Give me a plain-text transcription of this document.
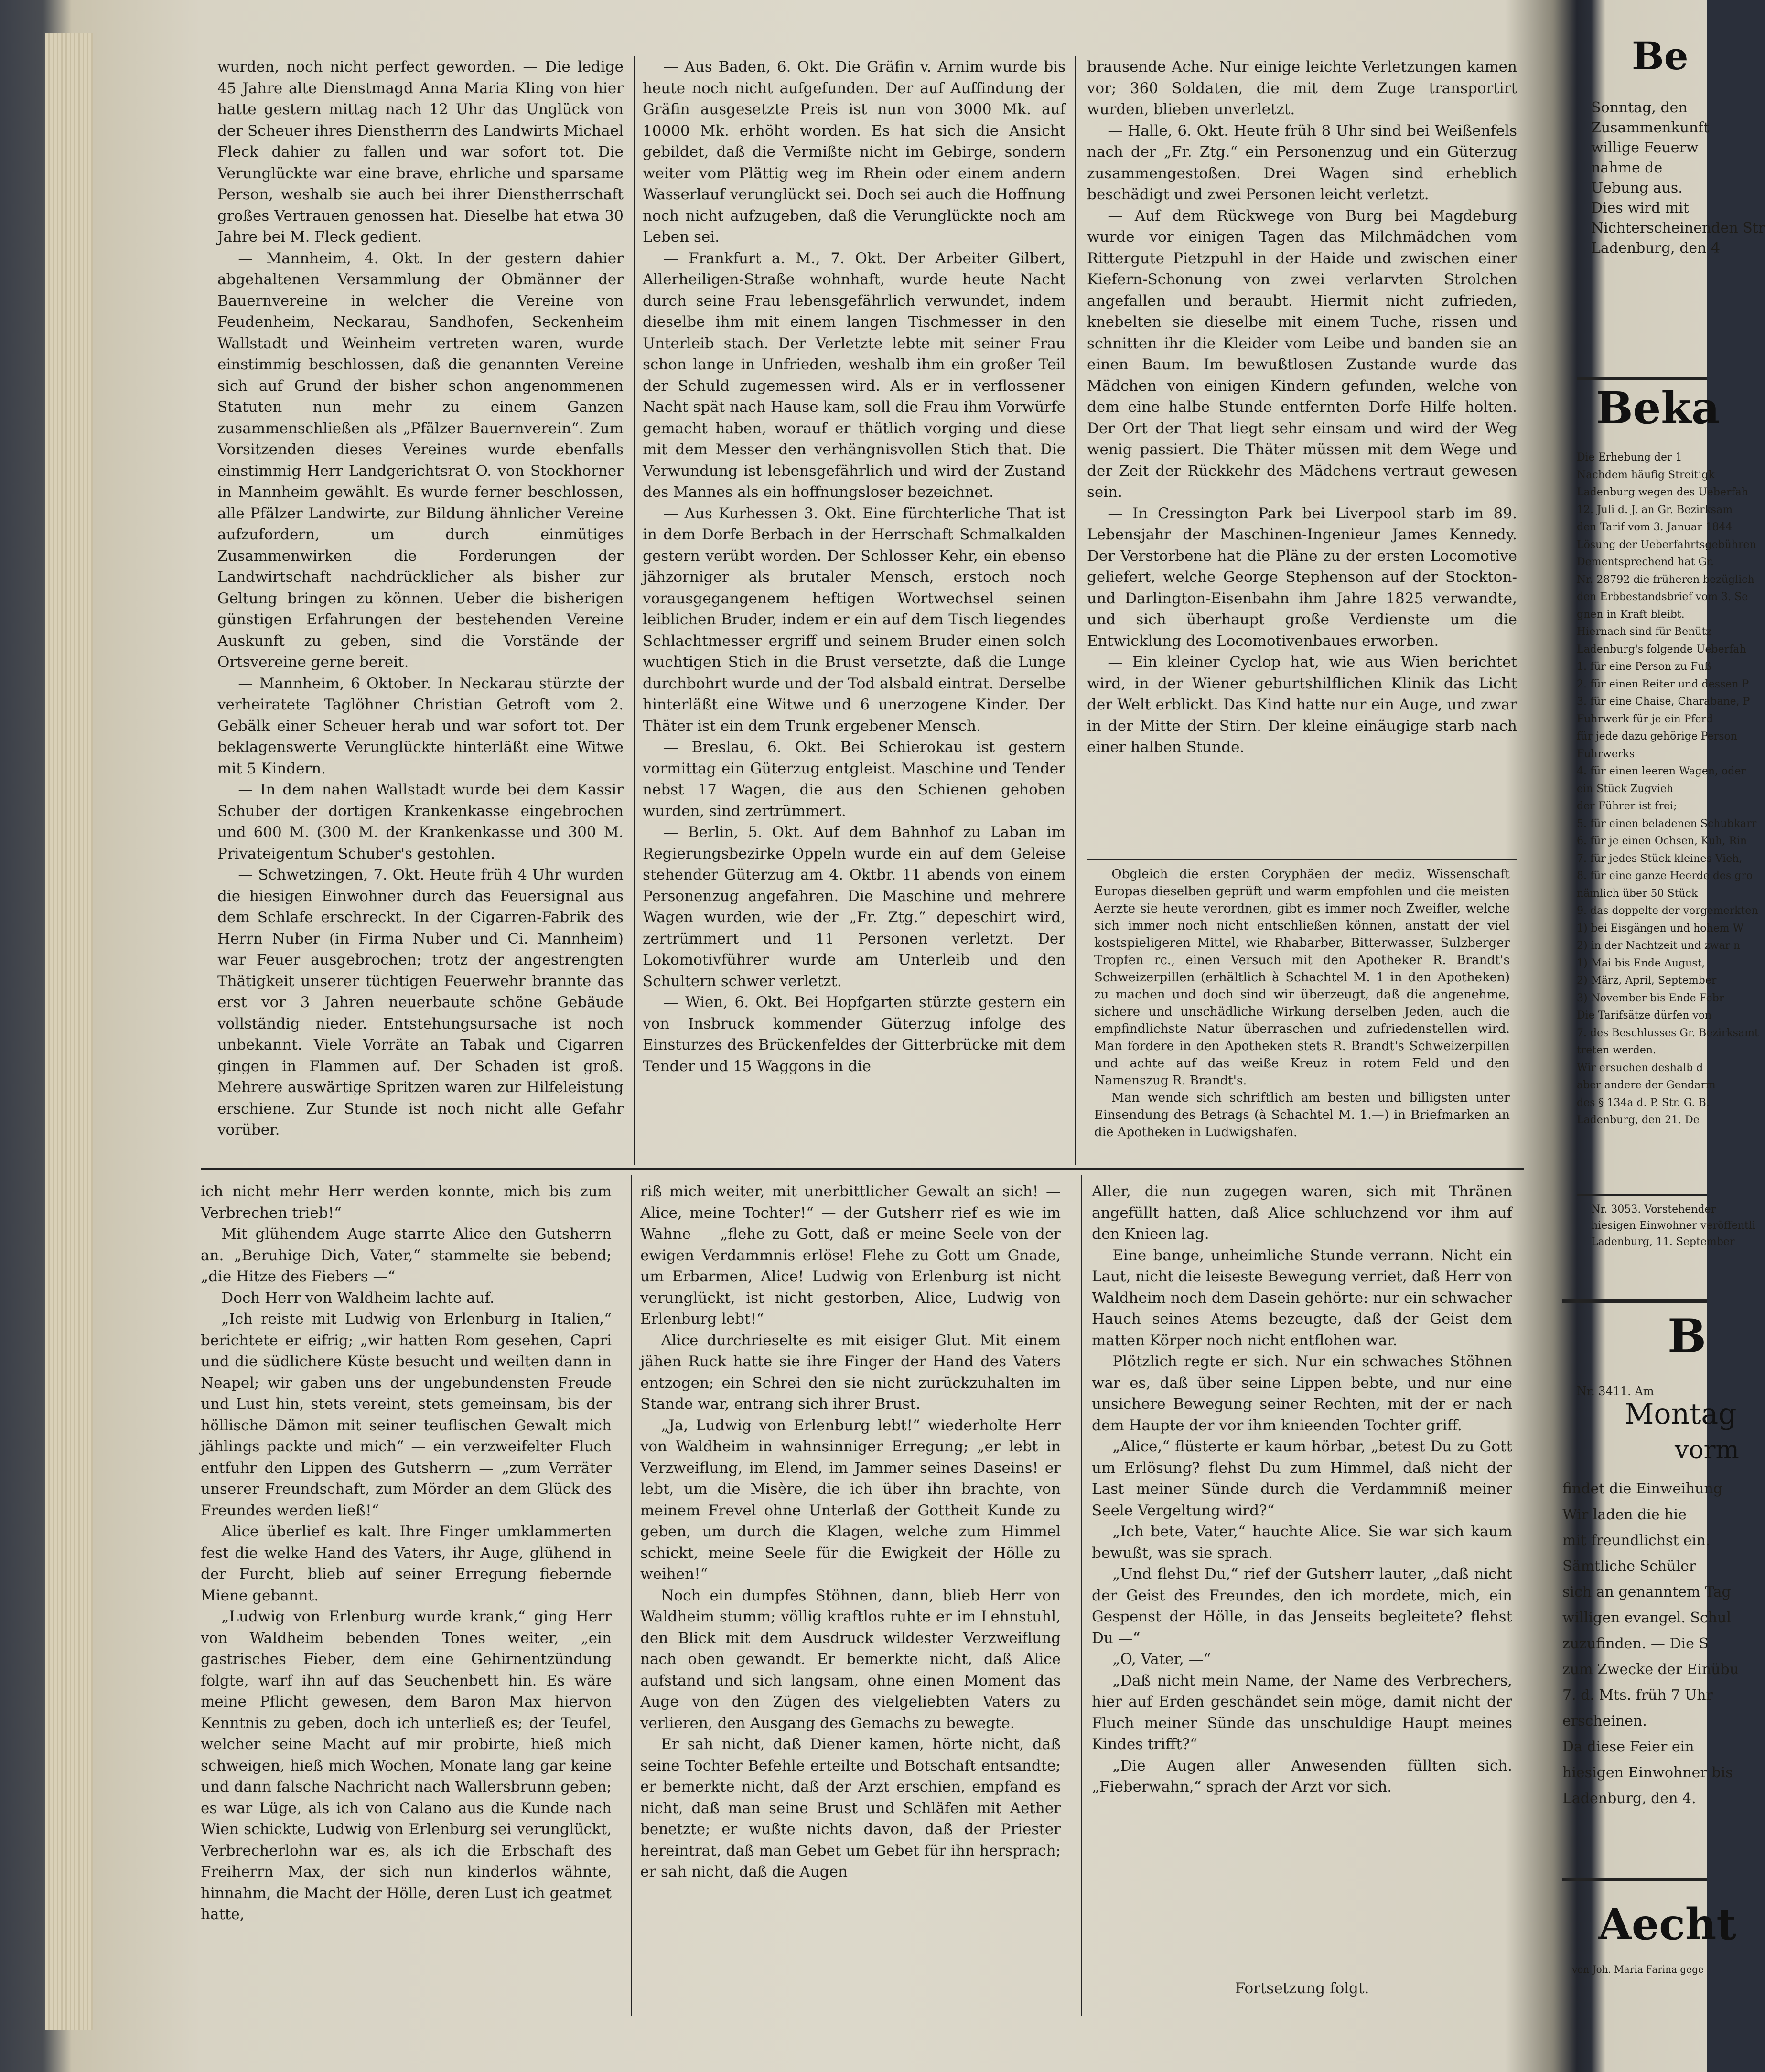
wurden, noch nicht perfect geworden. — Die ledige 45 Jahre alte Dienstmagd Anna Maria Kling von hier hatte gestern mittag nach 12 Uhr das Unglück von der Scheuer ihres Dienstherrn des Landwirts Michael Fleck dahier zu fallen und war sofort tot. Die Verunglückte war eine brave, ehrliche und sparsame Person, weshalb sie auch bei ihrer Dienstherrschaft großes Vertrauen genossen hat. Dieselbe hat etwa 30 Jahre bei M. Fleck gedient.

— Mannheim, 4. Okt. In der gestern dahier abgehaltenen Versammlung der Obmänner der Bauernvereine in welcher die Vereine von Feudenheim, Neckarau, Sandhofen, Seckenheim Wallstadt und Weinheim vertreten waren, wurde einstimmig beschlossen, daß die genannten Vereine sich auf Grund der bisher schon angenommenen Statuten nun mehr zu einem Ganzen zusammenschließen als „Pfälzer Bauernverein“. Zum Vorsitzenden dieses Vereines wurde ebenfalls einstimmig Herr Landgerichtsrat O. von Stockhorner in Mannheim gewählt. Es wurde ferner beschlossen, alle Pfälzer Landwirte, zur Bildung ähnlicher Vereine aufzufordern, um durch einmütiges Zusammenwirken die Forderungen der Landwirtschaft nachdrücklicher als bisher zur Geltung bringen zu können. Ueber die bisherigen günstigen Erfahrungen der bestehenden Vereine Auskunft zu geben, sind die Vorstände der Ortsvereine gerne bereit.

— Mannheim, 6 Oktober. In Neckarau stürzte der verheiratete Taglöhner Christian Getroft vom 2. Gebälk einer Scheuer herab und war sofort tot. Der beklagenswerte Verunglückte hinterläßt eine Witwe mit 5 Kindern.

— In dem nahen Wallstadt wurde bei dem Kassir Schuber der dortigen Krankenkasse eingebrochen und 600 M. (300 M. der Krankenkasse und 300 M. Privateigentum Schuber's gestohlen.

— Schwetzingen, 7. Okt. Heute früh 4 Uhr wurden die hiesigen Einwohner durch das Feuersignal aus dem Schlafe erschreckt. In der Cigarren-Fabrik des Herrn Nuber (in Firma Nuber und Ci. Mannheim) war Feuer ausgebrochen; trotz der angestrengten Thätigkeit unserer tüchtigen Feuerwehr brannte das erst vor 3 Jahren neuerbaute schöne Gebäude vollständig nieder. Entstehungsursache ist noch unbekannt. Viele Vorräte an Tabak und Cigarren gingen in Flammen auf. Der Schaden ist groß. Mehrere auswärtige Spritzen waren zur Hilfeleistung erschiene. Zur Stunde ist noch nicht alle Gefahr vorüber.

— Aus Baden, 6. Okt. Die Gräfin v. Arnim wurde bis heute noch nicht aufgefunden. Der auf Auffindung der Gräfin ausgesetzte Preis ist nun von 3000 Mk. auf 10000 Mk. erhöht worden. Es hat sich die Ansicht gebildet, daß die Vermißte nicht im Gebirge, sondern weiter vom Plättig weg im Rhein oder einem andern Wasserlauf verunglückt sei. Doch sei auch die Hoffnung noch nicht aufzugeben, daß die Verunglückte noch am Leben sei.

— Frankfurt a. M., 7. Okt. Der Arbeiter Gilbert, Allerheiligen-Straße wohnhaft, wurde heute Nacht durch seine Frau lebensgefährlich verwundet, indem dieselbe ihm mit einem langen Tischmesser in den Unterleib stach. Der Verletzte lebte mit seiner Frau schon lange in Unfrieden, weshalb ihm ein großer Teil der Schuld zugemessen wird. Als er in verflossener Nacht spät nach Hause kam, soll die Frau ihm Vorwürfe gemacht haben, worauf er thätlich vorging und diese mit dem Messer den verhängnisvollen Stich that. Die Verwundung ist lebensgefährlich und wird der Zustand des Mannes als ein hoffnungsloser bezeichnet.

— Aus Kurhessen 3. Okt. Eine fürchterliche That ist in dem Dorfe Berbach in der Herrschaft Schmalkalden gestern verübt worden. Der Schlosser Kehr, ein ebenso jähzorniger als brutaler Mensch, erstoch noch vorausgegangenem heftigen Wortwechsel seinen leiblichen Bruder, indem er ein auf dem Tisch liegendes Schlachtmesser ergriff und seinem Bruder einen solch wuchtigen Stich in die Brust versetzte, daß die Lunge durchbohrt wurde und der Tod alsbald eintrat. Derselbe hinterläßt eine Witwe und 6 unerzogene Kinder. Der Thäter ist ein dem Trunk ergebener Mensch.

— Breslau, 6. Okt. Bei Schierokau ist gestern vormittag ein Güterzug entgleist. Maschine und Tender nebst 17 Wagen, die aus den Schienen gehoben wurden, sind zertrümmert.

— Berlin, 5. Okt. Auf dem Bahnhof zu Laban im Regierungsbezirke Oppeln wurde ein auf dem Geleise stehender Güterzug am 4. Oktbr. 11 abends von einem Personenzug angefahren. Die Maschine und mehrere Wagen wurden, wie der „Fr. Ztg.“ depeschirt wird, zertrümmert und 11 Personen verletzt. Der Lokomotivführer wurde am Unterleib und den Schultern schwer verletzt.

— Wien, 6. Okt. Bei Hopfgarten stürzte gestern ein von Insbruck kommender Güterzug infolge des Einsturzes des Brückenfeldes der Gitterbrücke mit dem Tender und 15 Waggons in die

brausende Ache. Nur einige leichte Verletzungen kamen vor; 360 Soldaten, die mit dem Zuge transportirt wurden, blieben unverletzt.

— Halle, 6. Okt. Heute früh 8 Uhr sind bei Weißenfels nach der „Fr. Ztg.“ ein Personenzug und ein Güterzug zusammengestoßen. Drei Wagen sind erheblich beschädigt und zwei Personen leicht verletzt.

— Auf dem Rückwege von Burg bei Magdeburg wurde vor einigen Tagen das Milchmädchen vom Rittergute Pietzpuhl in der Haide und zwischen einer Kiefern-Schonung von zwei verlarvten Strolchen angefallen und beraubt. Hiermit nicht zufrieden, knebelten sie dieselbe mit einem Tuche, rissen und schnitten ihr die Kleider vom Leibe und banden sie an einen Baum. Im bewußtlosen Zustande wurde das Mädchen von einigen Kindern gefunden, welche von dem eine halbe Stunde entfernten Dorfe Hilfe holten. Der Ort der That liegt sehr einsam und wird der Weg wenig passiert. Die Thäter müssen mit dem Wege und der Zeit der Rückkehr des Mädchens vertraut gewesen sein.

— In Cressington Park bei Liverpool starb im 89. Lebensjahr der Maschinen-Ingenieur James Kennedy. Der Verstorbene hat die Pläne zu der ersten Locomotive geliefert, welche George Stephenson auf der Stockton- und Darlington-Eisenbahn ihm Jahre 1825 verwandte, und sich überhaupt große Verdienste um die Entwicklung des Locomotivenbaues erworben.

— Ein kleiner Cyclop hat, wie aus Wien berichtet wird, in der Wiener geburtshilflichen Klinik das Licht der Welt erblickt. Das Kind hatte nur ein Auge, und zwar in der Mitte der Stirn. Der kleine einäugige starb nach einer halben Stunde.

Obgleich die ersten Coryphäen der mediz. Wissenschaft Europas dieselben geprüft und warm empfohlen und die meisten Aerzte sie heute verordnen, gibt es immer noch Zweifler, welche sich immer noch nicht entschließen können, anstatt der viel kostspieligeren Mittel, wie Rhabarber, Bitterwasser, Sulzberger Tropfen rc., einen Versuch mit den Apotheker R. Brandt's Schweizerpillen (erhältlich à Schachtel M. 1 in den Apotheken) zu machen und doch sind wir überzeugt, daß die angenehme, sichere und unschädliche Wirkung derselben Jeden, auch die empfindlichste Natur überraschen und zufriedenstellen wird. Man fordere in den Apotheken stets R. Brandt's Schweizerpillen und achte auf das weiße Kreuz in rotem Feld und den Namenszug R. Brandt's.

Man wende sich schriftlich am besten und billigsten unter Einsendung des Betrags (à Schachtel M. 1.—) in Briefmarken an die Apotheken in Ludwigshafen.

ich nicht mehr Herr werden konnte, mich bis zum Verbrechen trieb!“

Mit glühendem Auge starrte Alice den Gutsherrn an. „Beruhige Dich, Vater,“ stammelte sie bebend; „die Hitze des Fiebers —“

Doch Herr von Waldheim lachte auf.

„Ich reiste mit Ludwig von Erlenburg in Italien,“ berichtete er eifrig; „wir hatten Rom gesehen, Capri und die südlichere Küste besucht und weilten dann in Neapel; wir gaben uns der ungebundensten Freude und Lust hin, stets vereint, stets gemeinsam, bis der höllische Dämon mit seiner teuflischen Gewalt mich jählings packte und mich“ — ein verzweifelter Fluch entfuhr den Lippen des Gutsherrn — „zum Verräter unserer Freundschaft, zum Mörder an dem Glück des Freundes werden ließ!“

Alice überlief es kalt. Ihre Finger umklammerten fest die welke Hand des Vaters, ihr Auge, glühend in der Furcht, blieb auf seiner Erregung fiebernde Miene gebannt.

„Ludwig von Erlenburg wurde krank,“ ging Herr von Waldheim bebenden Tones weiter, „ein gastrisches Fieber, dem eine Gehirnentzündung folgte, warf ihn auf das Seuchenbett hin. Es wäre meine Pflicht gewesen, dem Baron Max hiervon Kenntnis zu geben, doch ich unterließ es; der Teufel, welcher seine Macht auf mir probirte, hieß mich schweigen, hieß mich Wochen, Monate lang gar keine und dann falsche Nachricht nach Wallersbrunn geben; es war Lüge, als ich von Calano aus die Kunde nach Wien schickte, Ludwig von Erlenburg sei verunglückt, Verbrecherlohn war es, als ich die Erbschaft des Freiherrn Max, der sich nun kinderlos wähnte, hinnahm, die Macht der Hölle, deren Lust ich geatmet hatte,

riß mich weiter, mit unerbittlicher Gewalt an sich! — Alice, meine Tochter!“ — der Gutsherr rief es wie im Wahne — „flehe zu Gott, daß er meine Seele von der ewigen Verdammnis erlöse! Flehe zu Gott um Gnade, um Erbarmen, Alice! Ludwig von Erlenburg ist nicht verunglückt, ist nicht gestorben, Alice, Ludwig von Erlenburg lebt!“

Alice durchrieselte es mit eisiger Glut. Mit einem jähen Ruck hatte sie ihre Finger der Hand des Vaters entzogen; ein Schrei den sie nicht zurückzuhalten im Stande war, entrang sich ihrer Brust.

„Ja, Ludwig von Erlenburg lebt!“ wiederholte Herr von Waldheim in wahnsinniger Erregung; „er lebt in Verzweiflung, im Elend, im Jammer seines Daseins! er lebt, um die Misère, die ich über ihn brachte, von meinem Frevel ohne Unterlaß der Gottheit Kunde zu geben, um durch die Klagen, welche zum Himmel schickt, meine Seele für die Ewigkeit der Hölle zu weihen!“

Noch ein dumpfes Stöhnen, dann, blieb Herr von Waldheim stumm; völlig kraftlos ruhte er im Lehnstuhl, den Blick mit dem Ausdruck wildester Verzweiflung nach oben gewandt. Er bemerkte nicht, daß Alice aufstand und sich langsam, ohne einen Moment das Auge von den Zügen des vielgeliebten Vaters zu verlieren, den Ausgang des Gemachs zu bewegte.

Er sah nicht, daß Diener kamen, hörte nicht, daß seine Tochter Befehle erteilte und Botschaft entsandte; er bemerkte nicht, daß der Arzt erschien, empfand es nicht, daß man seine Brust und Schläfen mit Aether benetzte; er wußte nichts davon, daß der Priester hereintrat, daß man Gebet um Gebet für ihn hersprach; er sah nicht, daß die Augen

Aller, die nun zugegen waren, sich mit Thränen angefüllt hatten, daß Alice schluchzend vor ihm auf den Knieen lag.

Eine bange, unheimliche Stunde verrann. Nicht ein Laut, nicht die leiseste Bewegung verriet, daß Herr von Waldheim noch dem Dasein gehörte: nur ein schwacher Hauch seines Atems bezeugte, daß der Geist dem matten Körper noch nicht entflohen war.

Plötzlich regte er sich. Nur ein schwaches Stöhnen war es, daß über seine Lippen bebte, und nur eine unsichere Bewegung seiner Rechten, mit der er nach dem Haupte der vor ihm knieenden Tochter griff.

„Alice,“ flüsterte er kaum hörbar, „betest Du zu Gott um Erlösung? flehst Du zum Himmel, daß nicht der Last meiner Sünde durch die Verdammniß meiner Seele Vergeltung wird?“

„Ich bete, Vater,“ hauchte Alice. Sie war sich kaum bewußt, was sie sprach.

„Und flehst Du,“ rief der Gutsherr lauter, „daß nicht der Geist des Freundes, den ich mordete, mich, ein Gespenst der Hölle, in das Jenseits begleitete? flehst Du —“

„O, Vater, —“

„Daß nicht mein Name, der Name des Verbrechers, hier auf Erden geschändet sein möge, damit nicht der Fluch meiner Sünde das unschuldige Haupt meines Kindes trifft?“

„Die Augen aller Anwesenden füllten sich. „Fieberwahn,“ sprach der Arzt vor sich.

Fortsetzung folgt.
Be
Sonntag, den
Zusammenkunft
willige Feuerw
nahme de
Uebung aus.
Dies wird mit
Nichterscheinenden Str
Ladenburg, den 4
Beka
Die Erhebung der 1
Nachdem häufig Streitigk
Ladenburg wegen des Ueberfah
12. Juli d. J. an Gr. Bezirksam
den Tarif vom 3. Januar 1844
Lösung der Ueberfahrtsgebühren
Dementsprechend hat Gr.
Nr. 28792 die früheren bezüglich
den Erbbestandsbrief vom 3. Se
gnen in Kraft bleibt.
Hiernach sind für Benütz
Ladenburg's folgende Ueberfah
1. für eine Person zu Fuß
2. für einen Reiter und dessen P
3. für eine Chaise, Charabane, P
Fuhrwerk für je ein Pferd
für jede dazu gehörige Person
Fuhrwerks
4. für einen leeren Wagen, oder
ein Stück Zugvieh
der Führer ist frei;
5. für einen beladenen Schubkarr
6. für je einen Ochsen, Kuh, Rin
7. für jedes Stück kleines Vieh,
8. für eine ganze Heerde des gro
nämlich über 50 Stück
9. das doppelte der vorgemerkten
1) bei Eisgängen und hohem W
2) in der Nachtzeit und zwar n
1) Mai bis Ende August,
2) März, April, September
3) November bis Ende Febr
Die Tarifsätze dürfen von
7. des Beschlusses Gr. Bezirksamt
treten werden.
Wir ersuchen deshalb d
aber andere der Gendarm
des § 134a d. P. Str. G. B.
Ladenburg, den 21. De
Nr. 3053. Vorstehender
hiesigen Einwohner veröffentli
Ladenburg, 11. September
B
Nr. 3411. Am
Montag
vorm
findet die Einweihung
Wir laden die hie
mit freundlichst ein.
Sämtliche Schüler
sich an genanntem Tag
willigen evangel. Schul
zuzufinden. — Die S
zum Zwecke der Einübu
7. d. Mts. früh 7 Uhr
erscheinen.
Da diese Feier ein
hiesigen Einwohner bis
Ladenburg, den 4.
Aecht
von Joh. Maria Farina gege
